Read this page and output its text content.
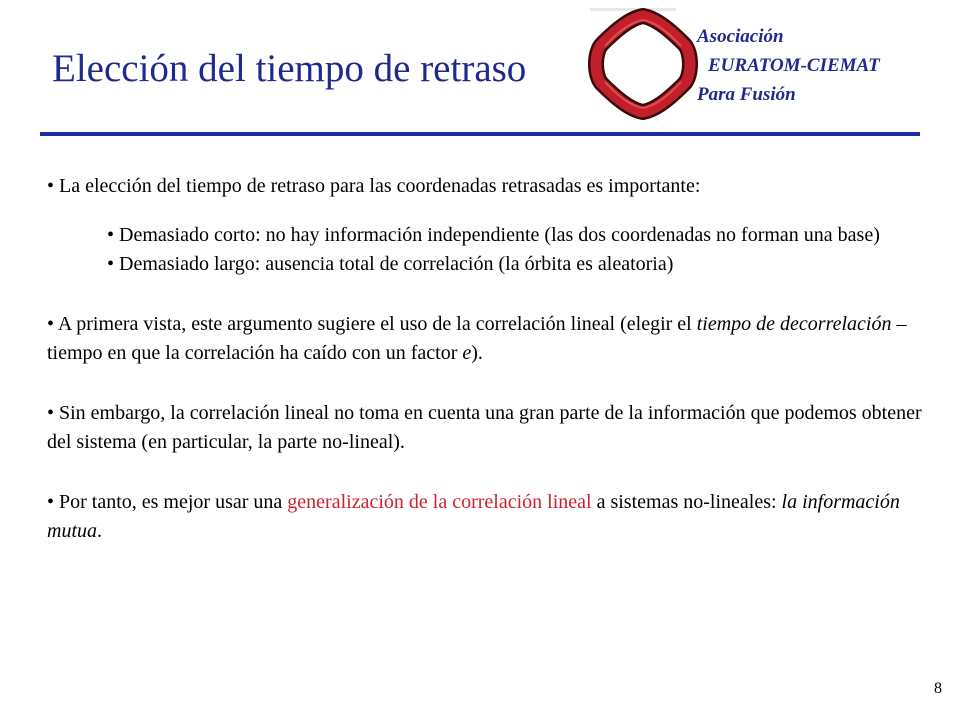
Elección del tiempo de retraso
Asociación
EURATOM-CIEMAT
Para Fusión

• La elección del tiempo de retraso para las coordenadas retrasadas es importante:

• Demasiado corto: no hay información independiente (las dos coordenadas no forman una base)

• Demasiado largo: ausencia total de correlación (la órbita es aleatoria)

• A primera vista, este argumento sugiere el uso de la correlación lineal (elegir el tiempo de decorrelación – tiempo en que la correlación ha caído con un factor e).

• Sin embargo, la correlación lineal no toma en cuenta una gran parte de la información que podemos obtener del sistema (en particular, la parte no-lineal).

• Por tanto, es mejor usar una generalización de la correlación lineal a sistemas no-lineales: la información mutua.

8
